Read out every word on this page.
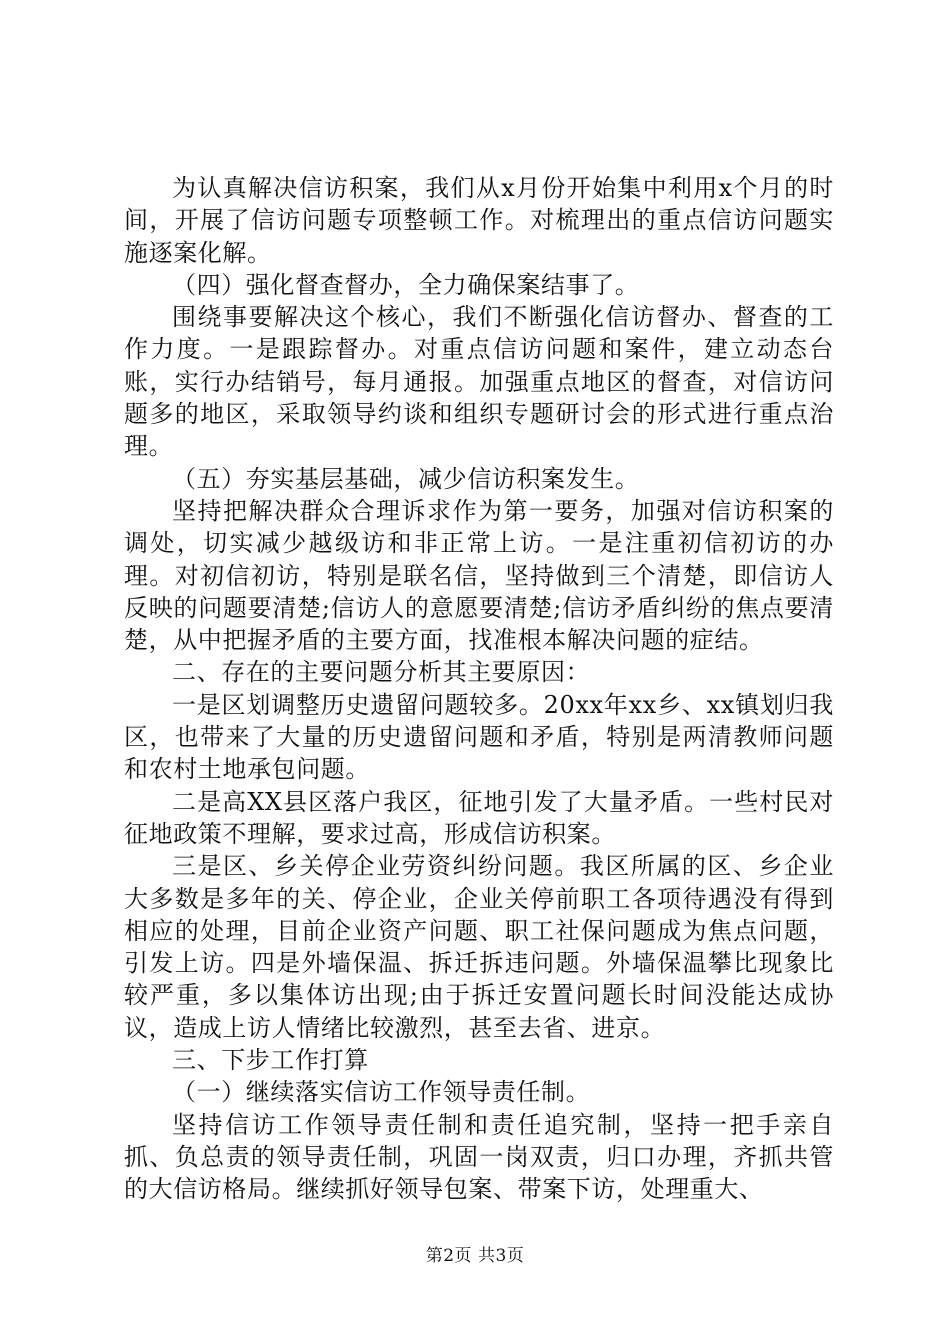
为认真解决信访积案，我们从x月份开始集中利用x个月的时间，开展了信访问题专项整顿工作。对梳理出的重点信访问题实施逐案化解。

（四）强化督查督办，全力确保案结事了。

围绕事要解决这个核心，我们不断强化信访督办、督查的工作力度。一是跟踪督办。对重点信访问题和案件，建立动态台账，实行办结销号，每月通报。加强重点地区的督查，对信访问题多的地区，采取领导约谈和组织专题研讨会的形式进行重点治理。

（五）夯实基层基础，减少信访积案发生。

坚持把解决群众合理诉求作为第一要务，加强对信访积案的调处，切实减少越级访和非正常上访。一是注重初信初访的办理。对初信初访，特别是联名信，坚持做到三个清楚，即信访人反映的问题要清楚;信访人的意愿要清楚;信访矛盾纠纷的焦点要清楚，从中把握矛盾的主要方面，找准根本解决问题的症结。

二、存在的主要问题分析其主要原因：

一是区划调整历史遗留问题较多。20xx年xx乡、xx镇划归我区，也带来了大量的历史遗留问题和矛盾，特别是两清教师问题和农村土地承包问题。

二是高XX县区落户我区，征地引发了大量矛盾。一些村民对征地政策不理解，要求过高，形成信访积案。

三是区、乡关停企业劳资纠纷问题。我区所属的区、乡企业大多数是多年的关、停企业，企业关停前职工各项待遇没有得到相应的处理，目前企业资产问题、职工社保问题成为焦点问题，引发上访。四是外墙保温、拆迁拆违问题。外墙保温攀比现象比较严重，多以集体访出现;由于拆迁安置问题长时间没能达成协议，造成上访人情绪比较激烈，甚至去省、进京。

三、下步工作打算

（一）继续落实信访工作领导责任制。

坚持信访工作领导责任制和责任追究制，坚持一把手亲自抓、负总责的领导责任制，巩固一岗双责，归口办理，齐抓共管的大信访格局。继续抓好领导包案、带案下访，处理重大、

第2页 共3页
